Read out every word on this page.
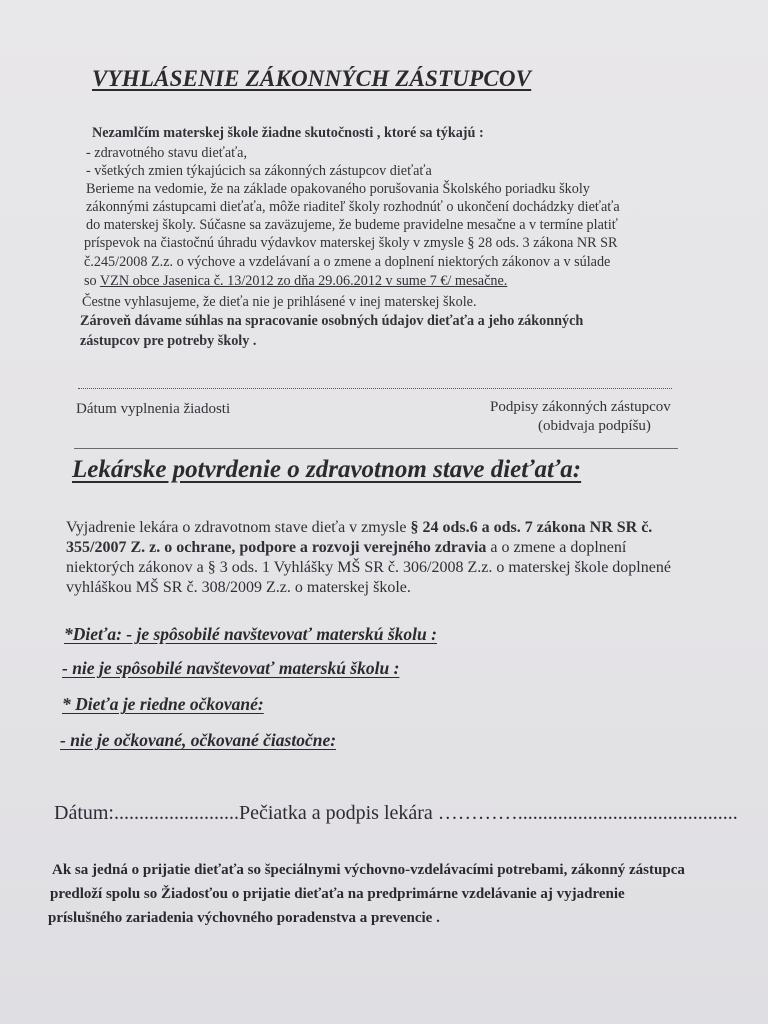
VYHLÁSENIE ZÁKONNÝCH ZÁSTUPCOV
Nezamlčím materskej škole žiadne skutočnosti , ktoré sa týkajú :
- zdravotného stavu dieťaťa,
- všetkých zmien týkajúcich sa zákonných zástupcov dieťaťa
Berieme na vedomie, že na základe opakovaného porušovania Školského poriadku školy
zákonnými zástupcami dieťaťa, môže riaditeľ školy rozhodnúť o ukončení dochádzky dieťaťa
do materskej školy. Súčasne sa zaväzujeme, že budeme pravidelne mesačne a v termíne platiť
príspevok na čiastočnú úhradu výdavkov materskej školy v zmysle § 28 ods. 3 zákona NR SR
č.245/2008 Z.z. o výchove a vzdelávaní a o zmene a doplnení niektorých zákonov a v súlade
so VZN obce Jasenica č. 13/2012 zo dňa 29.06.2012 v sume 7 €/ mesačne.
Čestne vyhlasujeme, že dieťa nie je prihlásené v inej materskej škole.
Zároveň dávame súhlas na spracovanie osobných údajov dieťaťa a jeho zákonných
zástupcov pre potreby školy .
Dátum vyplnenia žiadosti	Podpisy zákonných zástupcov
(obidvaja podpíšu)
Lekárske potvrdenie o zdravotnom stave dieťaťa:
Vyjadrenie lekára o zdravotnom stave dieťa v zmysle § 24 ods.6 a ods. 7 zákona NR SR č.
355/2007 Z. z. o ochrane, podpore a rozvoji verejného zdravia a o zmene a doplnení
niektorých zákonov a § 3 ods. 1 Vyhlášky MŠ SR č. 306/2008 Z.z. o materskej škole doplnené
vyhláškou MŠ SR č. 308/2009 Z.z. o materskej škole.
*Dieťa: - je spôsobilé navštevovať materskú školu :
- nie je spôsobilé navštevovať materskú školu :
* Dieťa je riedne očkované:
- nie je očkované, očkované čiastočne:
Dátum:.........................Pečiatka a podpis lekára …………............................................
Ak sa jedná o prijatie dieťaťa so špeciálnymi výchovno-vzdelávacími potrebami, zákonný zástupca
predloží spolu so Žiadosťou o prijatie dieťaťa na predprimárne vzdelávanie aj vyjadrenie
príslušného zariadenia výchovného poradenstva a prevencie .
